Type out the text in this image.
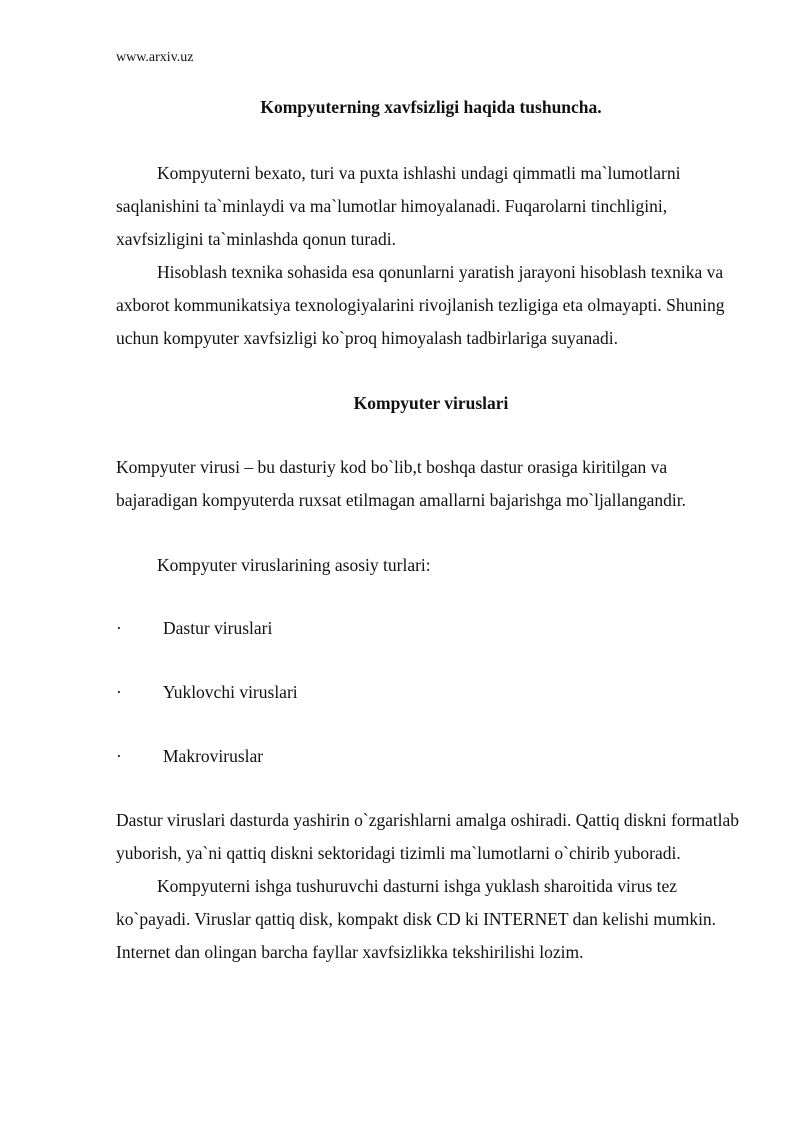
www.arxiv.uz
Kompyuterning xavfsizligi haqida tushuncha.

Kompyuterni bexato, turi va puxta ishlashi undagi qimmatli ma`lumotlarni saqlanishini ta`minlaydi va ma`lumotlar himoyalanadi. Fuqarolarni tinchligini, xavfsizligini ta`minlashda qonun turadi.

Hisoblash texnika sohasida esa qonunlarni yaratish jarayoni hisoblash texnika va axborot kommunikatsiya texnologiyalarini rivojlanish tezligiga eta olmayapti. Shuning uchun kompyuter xavfsizligi ko`proq himoyalash tadbirlariga suyanadi.

Kompyuter viruslari

Kompyuter virusi – bu dasturiy kod bo`lib,t boshqa dastur orasiga kiritilgan va bajaradigan kompyuterda ruxsat etilmagan amallarni bajarishga mo`ljallangandir.

Kompyuter viruslarining asosiy turlari:

·	Dastur viruslari
·	Yuklovchi viruslari
·	Makroviruslar

Dastur viruslari dasturda yashirin o`zgarishlarni amalga oshiradi. Qattiq diskni formatlab yuborish, ya`ni qattiq diskni sektoridagi tizimli ma`lumotlarni o`chirib yuboradi.

Kompyuterni ishga tushuruvchi dasturni ishga yuklash sharoitida virus tez ko`payadi. Viruslar qattiq disk, kompakt disk CD ki INTERNET dan kelishi mumkin. Internet dan olingan barcha fayllar xavfsizlikka tekshirilishi lozim.
